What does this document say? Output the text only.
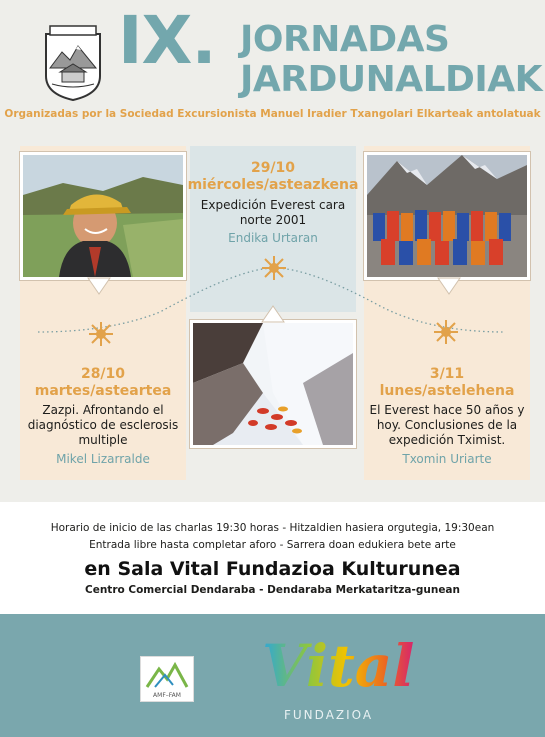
IX. JORNADAS
JARDUNALDIAK
Organizadas por la Sociedad Excursionista Manuel Iradier Txangolari Elkarteak antolatuak
29/10
miércoles/asteazkena
Expedición Everest cara norte 2001
Endika Urtaran
28/10
martes/asteartea
Zazpi. Afrontando el diagnóstico de esclerosis multiple
Mikel Lizarralde
3/11
lunes/astelehena
El Everest hace 50 años y hoy. Conclusiones de la expedición Tximist.
Txomin Uriarte
Horario de inicio de las charlas 19:30 horas - Hitzaldien hasiera orgutegia, 19:30ean
Entrada libre hasta completar aforo - Sarrera doan edukiera bete arte
en Sala Vital Fundazioa Kulturunea
Centro Comercial Dendaraba - Dendaraba Merkataritza-gunean
AMF–FAM Vital
FUNDAZIOA
